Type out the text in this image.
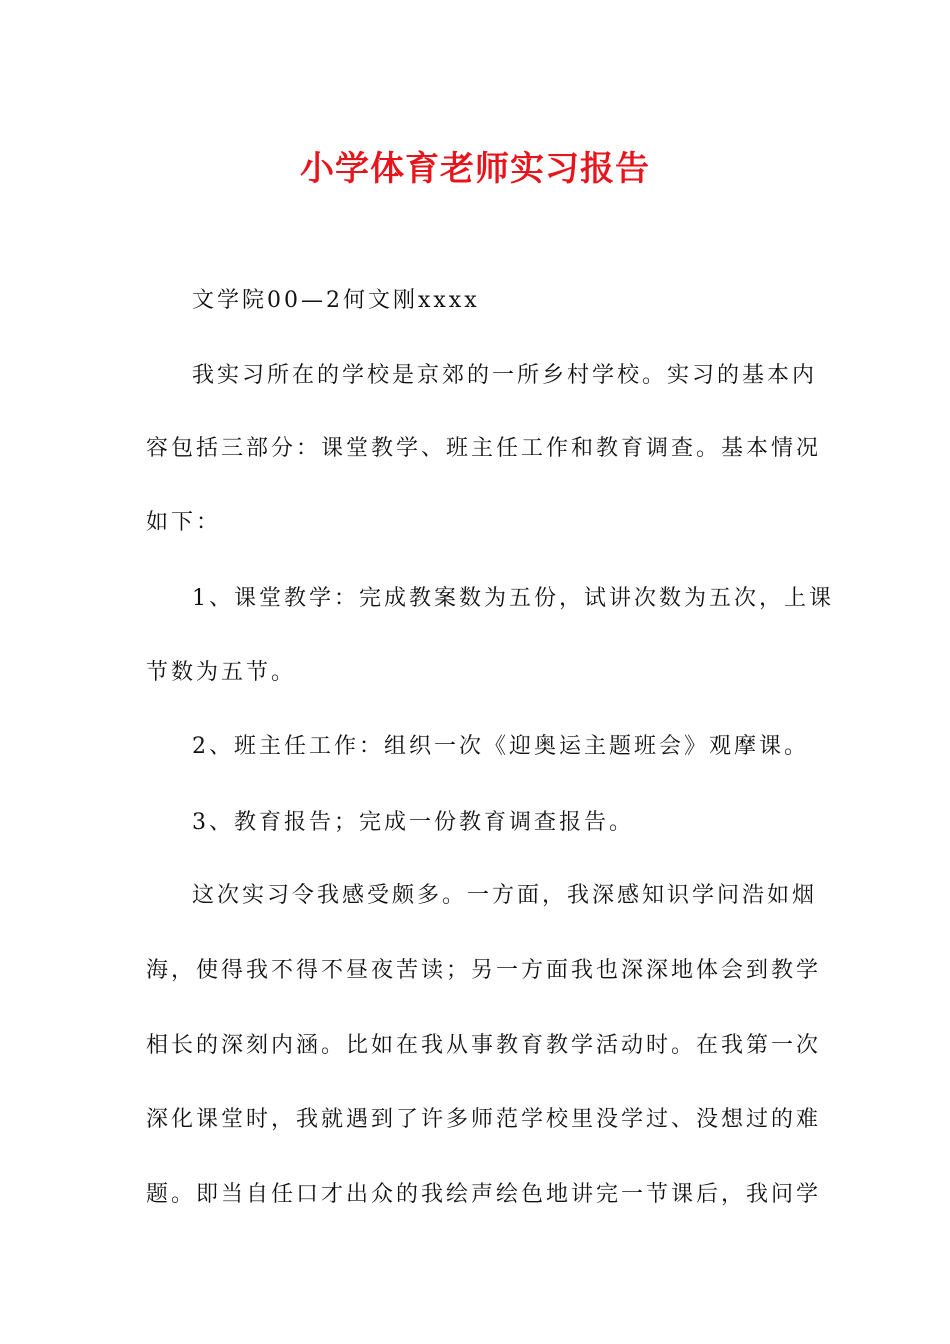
小学体育老师实习报告

文学院00—2何文刚xxxx

我实习所在的学校是京郊的一所乡村学校。实习的基本内

容包括三部分：课堂教学、班主任工作和教育调查。基本情况

如下：

1、课堂教学：完成教案数为五份，试讲次数为五次，上课

节数为五节。

2、班主任工作：组织一次《迎奥运主题班会》观摩课。

3、教育报告；完成一份教育调查报告。

这次实习令我感受颇多。一方面，我深感知识学问浩如烟

海，使得我不得不昼夜苦读；另一方面我也深深地体会到教学

相长的深刻内涵。比如在我从事教育教学活动时。在我第一次

深化课堂时，我就遇到了许多师范学校里没学过、没想过的难

题。即当自任口才出众的我绘声绘色地讲完一节课后，我问学
